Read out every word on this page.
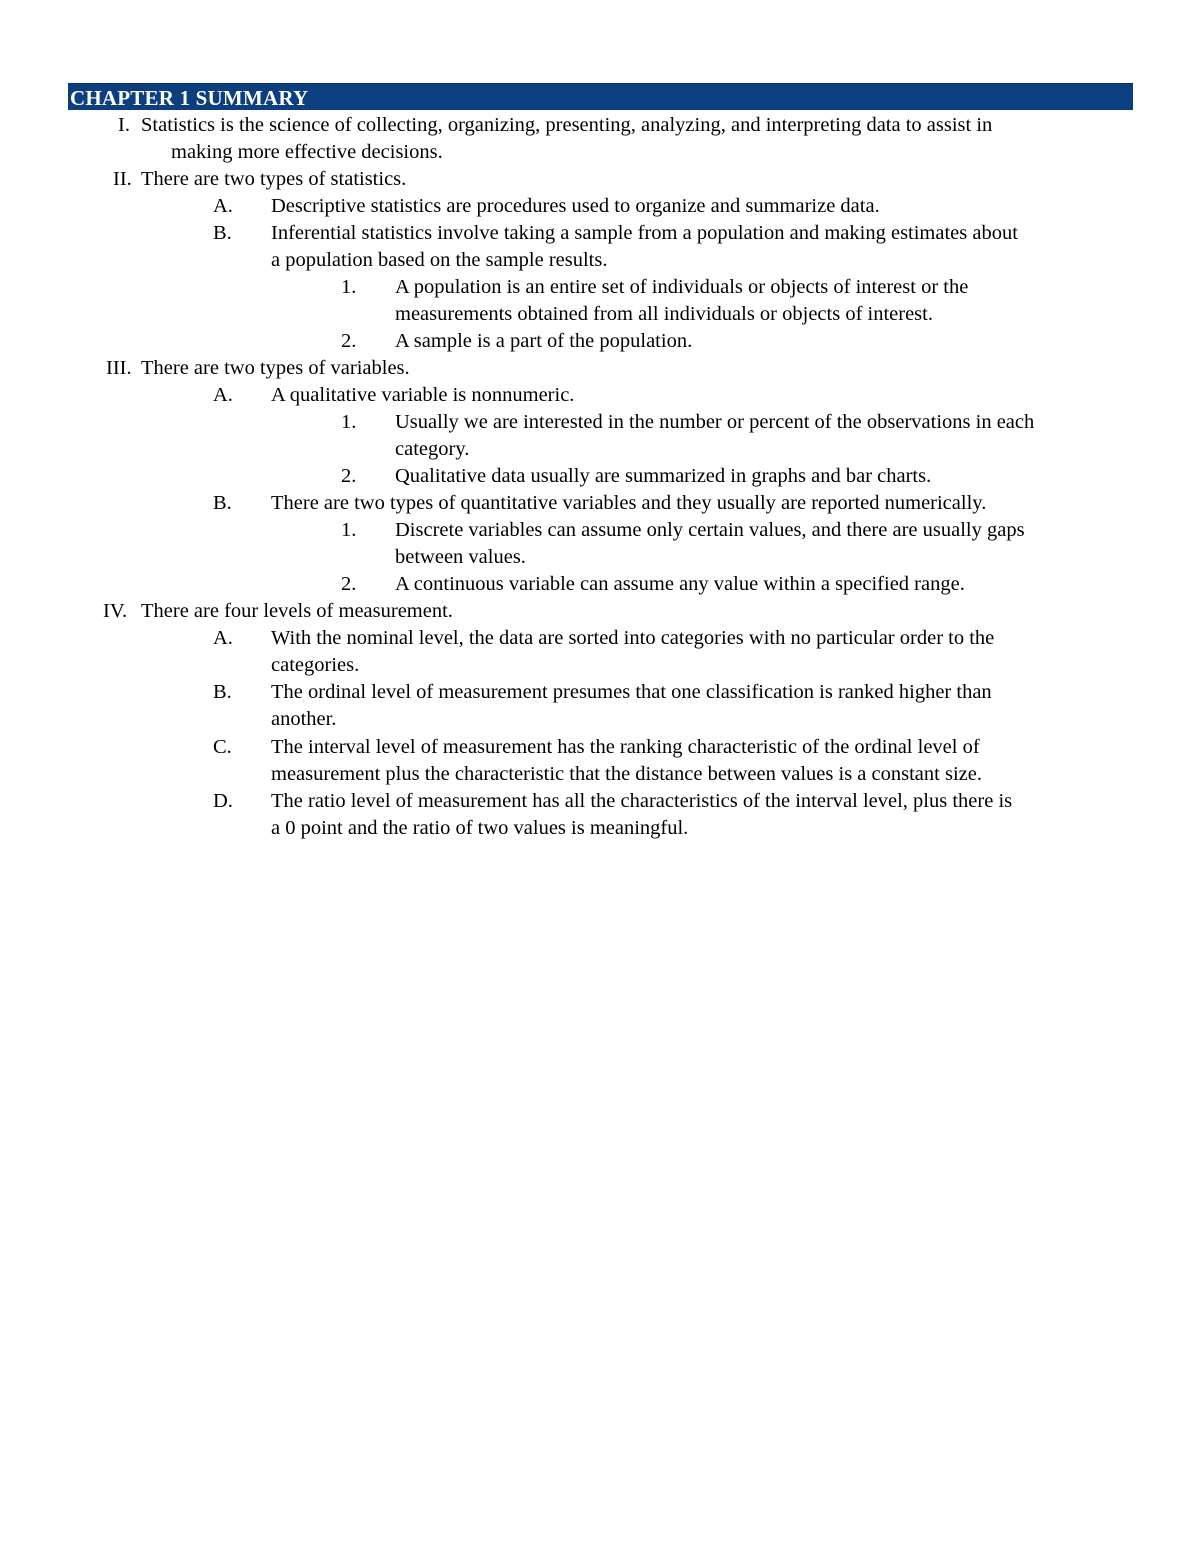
CHAPTER 1 SUMMARY
I. Statistics is the science of collecting, organizing, presenting, analyzing, and interpreting data to assist in
making more effective decisions.
II. There are two types of statistics.
A. Descriptive statistics are procedures used to organize and summarize data.
B. Inferential statistics involve taking a sample from a population and making estimates about
a population based on the sample results.
1. A population is an entire set of individuals or objects of interest or the
measurements obtained from all individuals or objects of interest.
2. A sample is a part of the population.
III. There are two types of variables.
A. A qualitative variable is nonnumeric.
1. Usually we are interested in the number or percent of the observations in each
category.
2. Qualitative data usually are summarized in graphs and bar charts.
B. There are two types of quantitative variables and they usually are reported numerically.
1. Discrete variables can assume only certain values, and there are usually gaps
between values.
2. A continuous variable can assume any value within a specified range.
IV. There are four levels of measurement.
A. With the nominal level, the data are sorted into categories with no particular order to the
categories.
B. The ordinal level of measurement presumes that one classification is ranked higher than
another.
C. The interval level of measurement has the ranking characteristic of the ordinal level of
measurement plus the characteristic that the distance between values is a constant size.
D. The ratio level of measurement has all the characteristics of the interval level, plus there is
a 0 point and the ratio of two values is meaningful.
